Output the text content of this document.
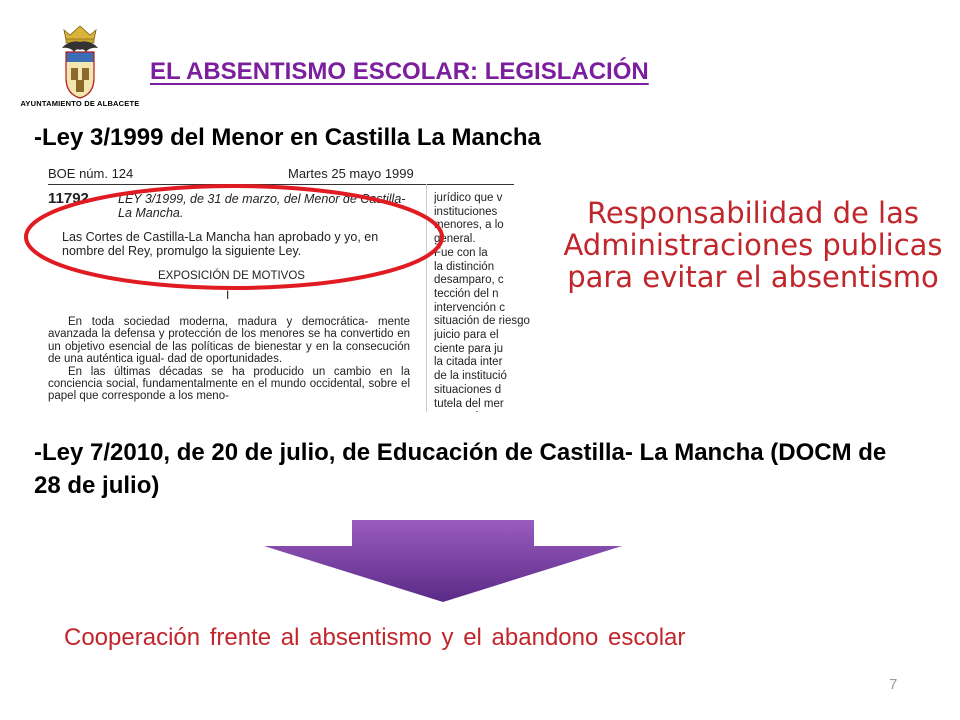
AYUNTAMIENTO DE ALBACETE
EL ABSENTISMO ESCOLAR: LEGISLACIÓN
-Ley 3/1999 del Menor en Castilla La Mancha
BOE núm. 124	Martes 25 mayo 1999
11792 LEY 3/1999, de 31 de marzo, del Menor de Castilla-La Mancha.
Las Cortes de Castilla-La Mancha han aprobado y yo, en nombre del Rey, promulgo la siguiente Ley.
EXPOSICIÓN DE MOTIVOS
I

En toda sociedad moderna, madura y democrática- mente avanzada la defensa y protección de los menores se ha convertido en un objetivo esencial de las políticas de bienestar y en la consecución de una auténtica igual- dad de oportunidades.

En las últimas décadas se ha producido un cambio en la conciencia social, fundamentalmente en el mundo occidental, sobre el papel que corresponde a los meno-

jurídico que v
instituciones
menores, a lo
general.
Fue con la
la distinción
desamparo, c
tección del n
intervención c
situación de riesgo
juicio para el
ciente para ju
la citada inter
de la institució
situaciones d
tutela del mer
Responsabilidad de las Administraciones publicas para evitar el absentismo
-Ley 7/2010, de 20 de julio, de Educación de Castilla- La Mancha (DOCM de 28 de julio)
Cooperación frente al absentismo y el abandono escolar
7
